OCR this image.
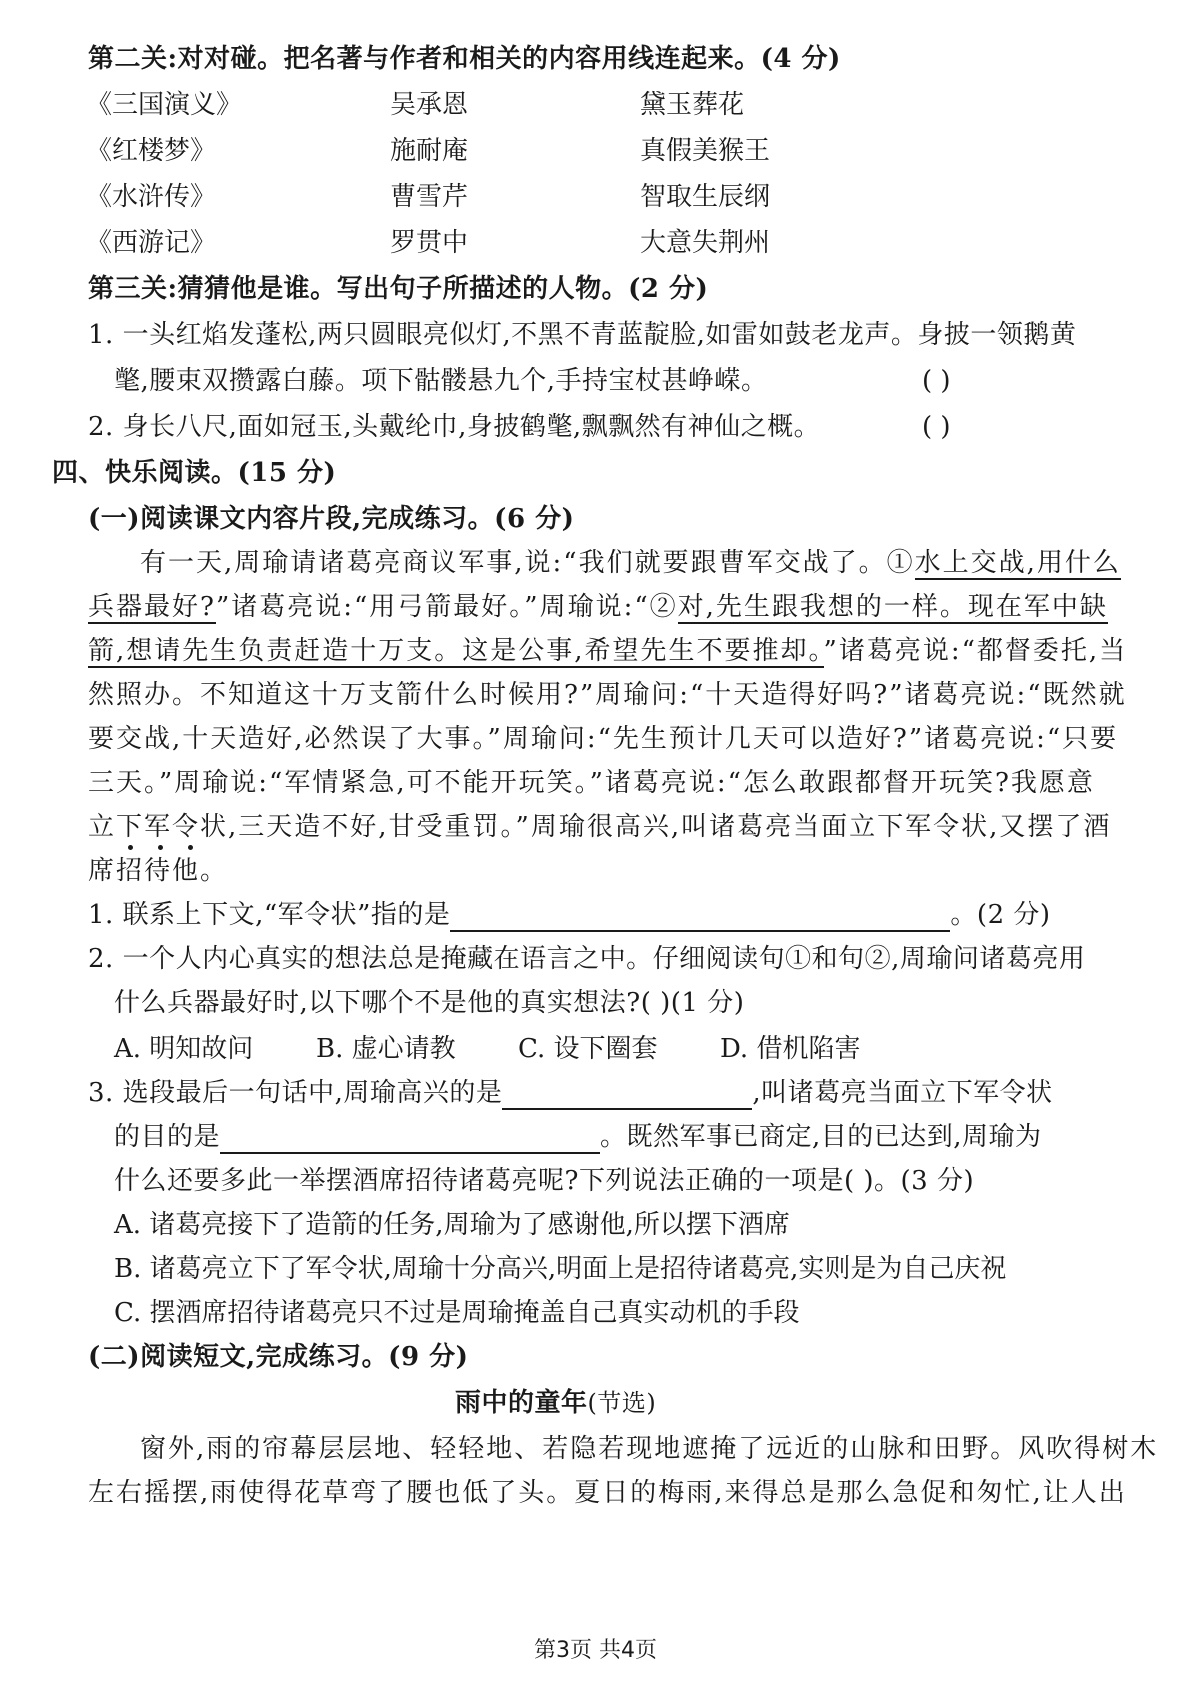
第二关:对对碰。把名著与作者和相关的内容用线连起来。(4 分)
《三国演义》	吴承恩	黛玉葬花
《红楼梦》	施耐庵	真假美猴王
《水浒传》	曹雪芹	智取生辰纲
《西游记》	罗贯中	大意失荆州
第三关:猜猜他是谁。写出句子所描述的人物。(2 分)
1. 一头红焰发蓬松,两只圆眼亮似灯,不黑不青蓝靛脸,如雷如鼓老龙声。身披一领鹅黄
氅,腰束双攒露白藤。项下骷髅悬九个,手持宝杖甚峥嵘。	( )
2. 身长八尺,面如冠玉,头戴纶巾,身披鹤氅,飘飘然有神仙之概。	( )
四、快乐阅读。(15 分)
(一)阅读课文内容片段,完成练习。(6 分)
有一天,周瑜请诸葛亮商议军事,说:“我们就要跟曹军交战了。①水上交战,用什么
兵器最好?”诸葛亮说:“用弓箭最好。”周瑜说:“②对,先生跟我想的一样。现在军中缺
箭,想请先生负责赶造十万支。这是公事,希望先生不要推却。”诸葛亮说:“都督委托,当
然照办。不知道这十万支箭什么时候用?”周瑜问:“十天造得好吗?”诸葛亮说:“既然就
要交战,十天造好,必然误了大事。”周瑜问:“先生预计几天可以造好?”诸葛亮说:“只要
三天。”周瑜说:“军情紧急,可不能开玩笑。”诸葛亮说:“怎么敢跟都督开玩笑?我愿意
立下军令状,三天造不好,甘受重罚。”周瑜很高兴,叫诸葛亮当面立下军令状,又摆了酒
席招待他。
1. 联系上下文,“军令状”指的是	。(2 分)
2. 一个人内心真实的想法总是掩藏在语言之中。仔细阅读句①和句②,周瑜问诸葛亮用
什么兵器最好时,以下哪个不是他的真实想法?( )(1 分)
A. 明知故问 B. 虚心请教 C. 设下圈套 D. 借机陷害
3. 选段最后一句话中,周瑜高兴的是	,叫诸葛亮当面立下军令状
的目的是	。既然军事已商定,目的已达到,周瑜为
什么还要多此一举摆酒席招待诸葛亮呢?下列说法正确的一项是( )。(3 分)
A. 诸葛亮接下了造箭的任务,周瑜为了感谢他,所以摆下酒席
B. 诸葛亮立下了军令状,周瑜十分高兴,明面上是招待诸葛亮,实则是为自己庆祝
C. 摆酒席招待诸葛亮只不过是周瑜掩盖自己真实动机的手段
(二)阅读短文,完成练习。(9 分)
雨中的童年(节选)
窗外,雨的帘幕层层地、轻轻地、若隐若现地遮掩了远近的山脉和田野。风吹得树木
左右摇摆,雨使得花草弯了腰也低了头。夏日的梅雨,来得总是那么急促和匆忙,让人出
第3页 共4页
